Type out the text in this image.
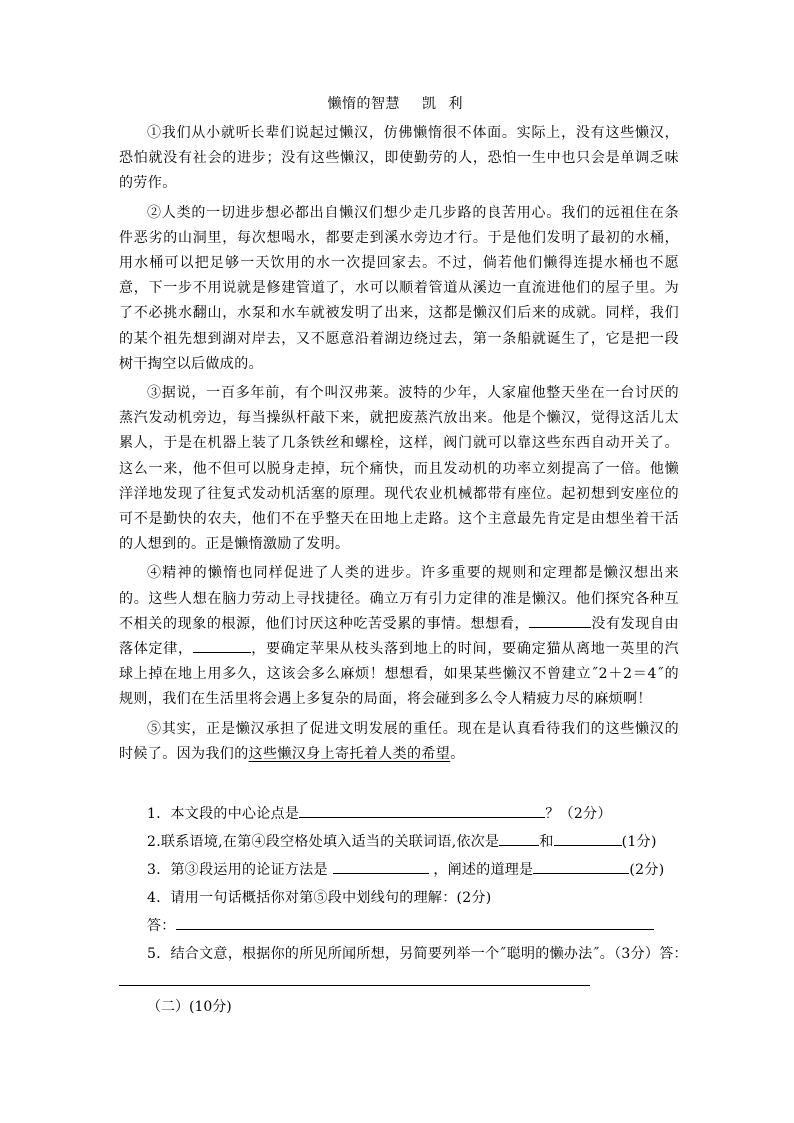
懒惰的智慧 凯 利

①我们从小就听长辈们说起过懒汉，仿佛懒惰很不体面。实际上，没有这些懒汉，恐怕就没有社会的进步；没有这些懒汉，即使勤劳的人，恐怕一生中也只会是单调乏味的劳作。

②人类的一切进步想必都出自懒汉们想少走几步路的良苦用心。我们的远祖住在条件恶劣的山洞里，每次想喝水，都要走到溪水旁边才行。于是他们发明了最初的水桶，用水桶可以把足够一天饮用的水一次提回家去。不过，倘若他们懒得连提水桶也不愿意，下一步不用说就是修建管道了，水可以顺着管道从溪边一直流进他们的屋子里。为了不必挑水翻山，水泵和水车就被发明了出来，这都是懒汉们后来的成就。同样，我们的某个祖先想到湖对岸去，又不愿意沿着湖边绕过去，第一条船就诞生了，它是把一段树干掏空以后做成的。

③据说，一百多年前，有个叫汉弗莱。波特的少年，人家雇他整天坐在一台讨厌的蒸汽发动机旁边，每当操纵杆敲下来，就把废蒸汽放出来。他是个懒汉，觉得这活儿太累人，于是在机器上装了几条铁丝和螺栓，这样，阀门就可以靠这些东西自动开关了。这么一来，他不但可以脱身走掉，玩个痛快，而且发动机的功率立刻提高了一倍。他懒洋洋地发现了往复式发动机活塞的原理。现代农业机械都带有座位。起初想到安座位的可不是勤快的农夫，他们不在乎整天在田地上走路。这个主意最先肯定是由想坐着干活的人想到的。正是懒惰激励了发明。

④精神的懒惰也同样促进了人类的进步。许多重要的规则和定理都是懒汉想出来的。这些人想在脑力劳动上寻找捷径。确立万有引力定律的准是懒汉。他们探究各种互不相关的现象的根源，他们讨厌这种吃苦受累的事情。想想看，	没有发现自由落体定律，	，要确定苹果从枝头落到地上的时间，要确定猫从离地一英里的汽球上掉在地上用多久，这该会多么麻烦！想想看，如果某些懒汉不曾建立˝2＋2＝4˝的规则，我们在生活里将会遇上多复杂的局面，将会碰到多么令人精疲力尽的麻烦啊！

⑤其实，正是懒汉承担了促进文明发展的重任。现在是认真看待我们的这些懒汉的时候了。因为我们的这些懒汉身上寄托着人类的希望。

1．本文段的中心论点是	？（2分）

2.联系语境,在第④段空格处填入适当的关联词语,依次是	和	(1分)

3．第③段运用的论证方法是	，阐述的道理是	(2分)

4．请用一句话概括你对第⑤段中划线句的理解：(2分)

答：

5．结合文意，根据你的所见所闻所想，另简要列举一个˝聪明的懒办法˝。（3分）答：

（二）(10分)
